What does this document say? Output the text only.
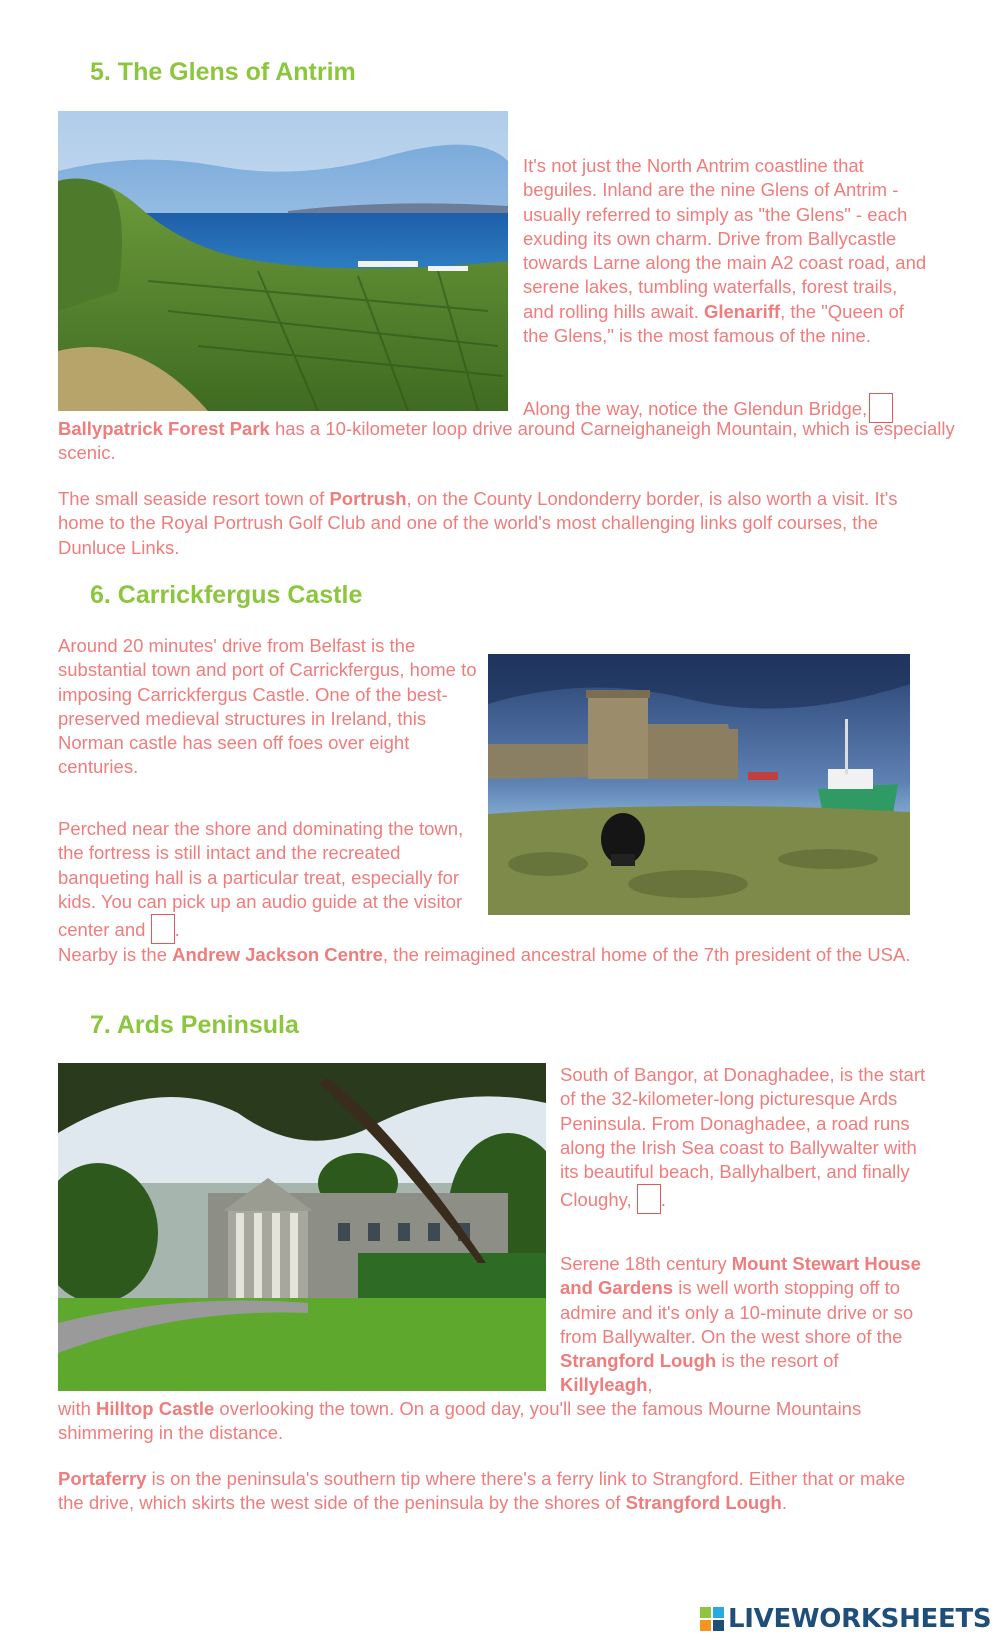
5. The Glens of Antrim

It's not just the North Antrim coastline that beguiles. Inland are the nine Glens of Antrim - usually referred to simply as "the Glens" - each exuding its own charm. Drive from Ballycastle towards Larne along the main A2 coast road, and serene lakes, tumbling waterfalls, forest trails, and rolling hills await. Glenariff, the "Queen of the Glens," is the most famous of the nine.

Along the way, notice the Glendun Bridge,

Ballypatrick Forest Park has a 10-kilometer loop drive around Carneighaneigh Mountain, which is especially scenic.

The small seaside resort town of Portrush, on the County Londonderry border, is also worth a visit. It's home to the Royal Portrush Golf Club and one of the world's most challenging links golf courses, the Dunluce Links.

6. Carrickfergus Castle

Around 20 minutes' drive from Belfast is the substantial town and port of Carrickfergus, home to imposing Carrickfergus Castle. One of the best-preserved medieval structures in Ireland, this Norman castle has seen off foes over eight centuries.

Perched near the shore and dominating the town, the fortress is still intact and the recreated banqueting hall is a particular treat, especially for kids. You can pick up an audio guide at the visitor center and .

Nearby is the Andrew Jackson Centre, the reimagined ancestral home of the 7th president of the USA.

7. Ards Peninsula

South of Bangor, at Donaghadee, is the start of the 32-kilometer-long picturesque Ards Peninsula. From Donaghadee, a road runs along the Irish Sea coast to Ballywalter with its beautiful beach, Ballyhalbert, and finally Cloughy, .

Serene 18th century Mount Stewart House and Gardens is well worth stopping off to admire and it's only a 10-minute drive or so from Ballywalter. On the west shore of the Strangford Lough is the resort of Killyleagh,

with Hilltop Castle overlooking the town. On a good day, you'll see the famous Mourne Mountains shimmering in the distance.

Portaferry is on the peninsula's southern tip where there's a ferry link to Strangford. Either that or make the drive, which skirts the west side of the peninsula by the shores of Strangford Lough.

LIVEWORKSHEETS
